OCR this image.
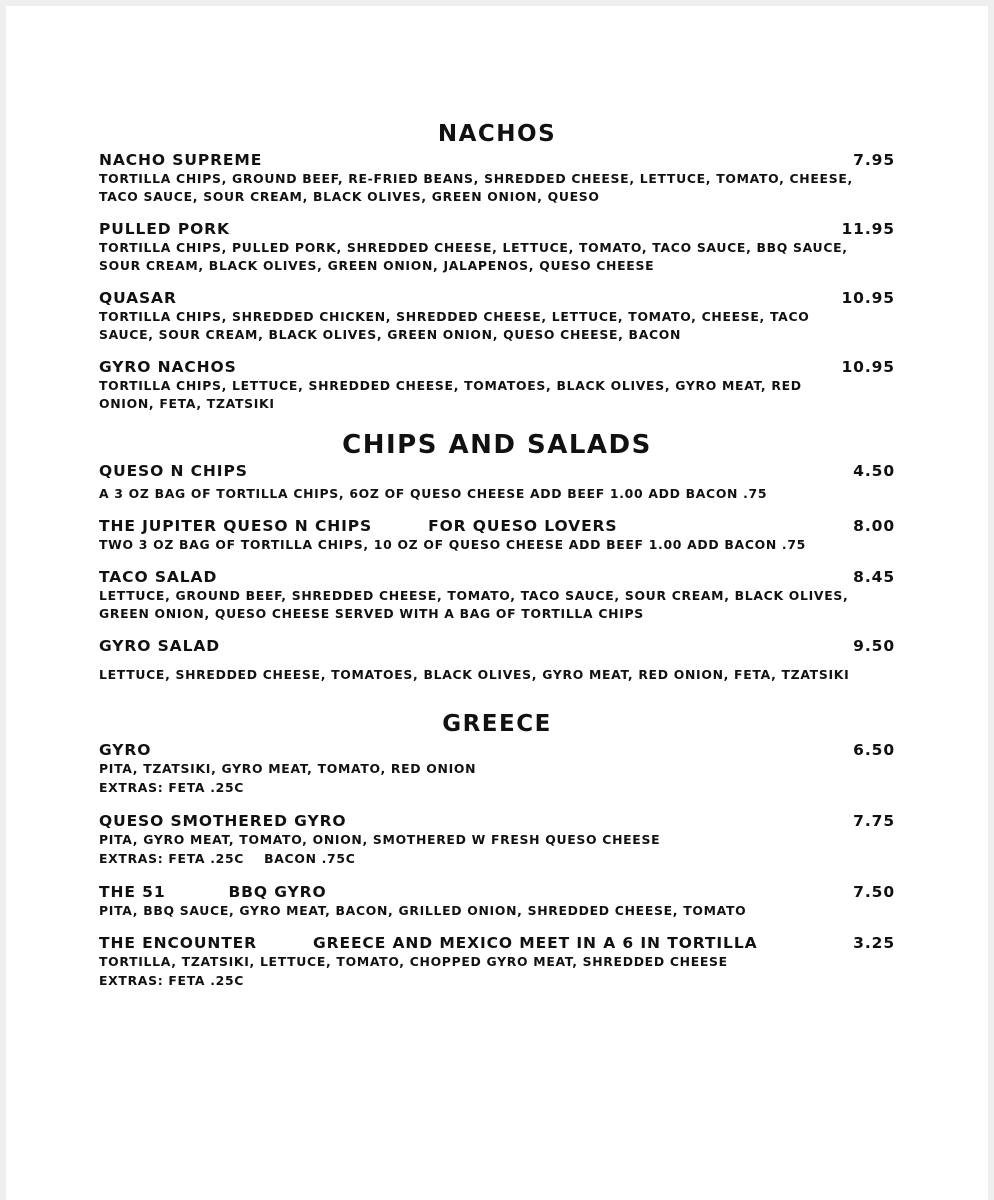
NACHOS
NACHO SUPREME	7.95
TORTILLA CHIPS, GROUND BEEF, RE-FRIED BEANS, SHREDDED CHEESE, LETTUCE, TOMATO, CHEESE,
TACO SAUCE, SOUR CREAM, BLACK OLIVES, GREEN ONION, QUESO
PULLED PORK	11.95
TORTILLA CHIPS, PULLED PORK, SHREDDED CHEESE, LETTUCE, TOMATO, TACO SAUCE, BBQ SAUCE,
SOUR CREAM, BLACK OLIVES, GREEN ONION, JALAPENOS, QUESO CHEESE
QUASAR	10.95
TORTILLA CHIPS, SHREDDED CHICKEN, SHREDDED CHEESE, LETTUCE, TOMATO, CHEESE, TACO
SAUCE, SOUR CREAM, BLACK OLIVES, GREEN ONION, QUESO CHEESE, BACON
GYRO NACHOS	10.95
TORTILLA CHIPS, LETTUCE, SHREDDED CHEESE, TOMATOES, BLACK OLIVES, GYRO MEAT, RED
ONION, FETA, TZATSIKI
CHIPS AND SALADS
QUESO N CHIPS	4.50
A 3 OZ BAG OF TORTILLA CHIPS, 6OZ OF QUESO CHEESE ADD BEEF 1.00 ADD BACON .75
THE JUPITER QUESO N CHIPS	FOR QUESO LOVERS	8.00
TWO 3 OZ BAG OF TORTILLA CHIPS, 10 OZ OF QUESO CHEESE ADD BEEF 1.00 ADD BACON .75
TACO SALAD	8.45
LETTUCE, GROUND BEEF, SHREDDED CHEESE, TOMATO, TACO SAUCE, SOUR CREAM, BLACK OLIVES,
GREEN ONION, QUESO CHEESE SERVED WITH A BAG OF TORTILLA CHIPS
GYRO SALAD	9.50
LETTUCE, SHREDDED CHEESE, TOMATOES, BLACK OLIVES, GYRO MEAT, RED ONION, FETA, TZATSIKI
GREECE
GYRO	6.50
PITA, TZATSIKI, GYRO MEAT, TOMATO, RED ONION
EXTRAS: FETA .25C
QUESO SMOTHERED GYRO	7.75
PITA, GYRO MEAT, TOMATO, ONION, SMOTHERED W FRESH QUESO CHEESE
EXTRAS: FETA .25C    BACON .75C
THE 51          BBQ GYRO	7.50
PITA, BBQ SAUCE, GYRO MEAT, BACON, GRILLED ONION, SHREDDED CHEESE, TOMATO
THE ENCOUNTER	GREECE AND MEXICO MEET IN A 6 IN TORTILLA	3.25
TORTILLA, TZATSIKI, LETTUCE, TOMATO, CHOPPED GYRO MEAT, SHREDDED CHEESE
EXTRAS: FETA .25C
